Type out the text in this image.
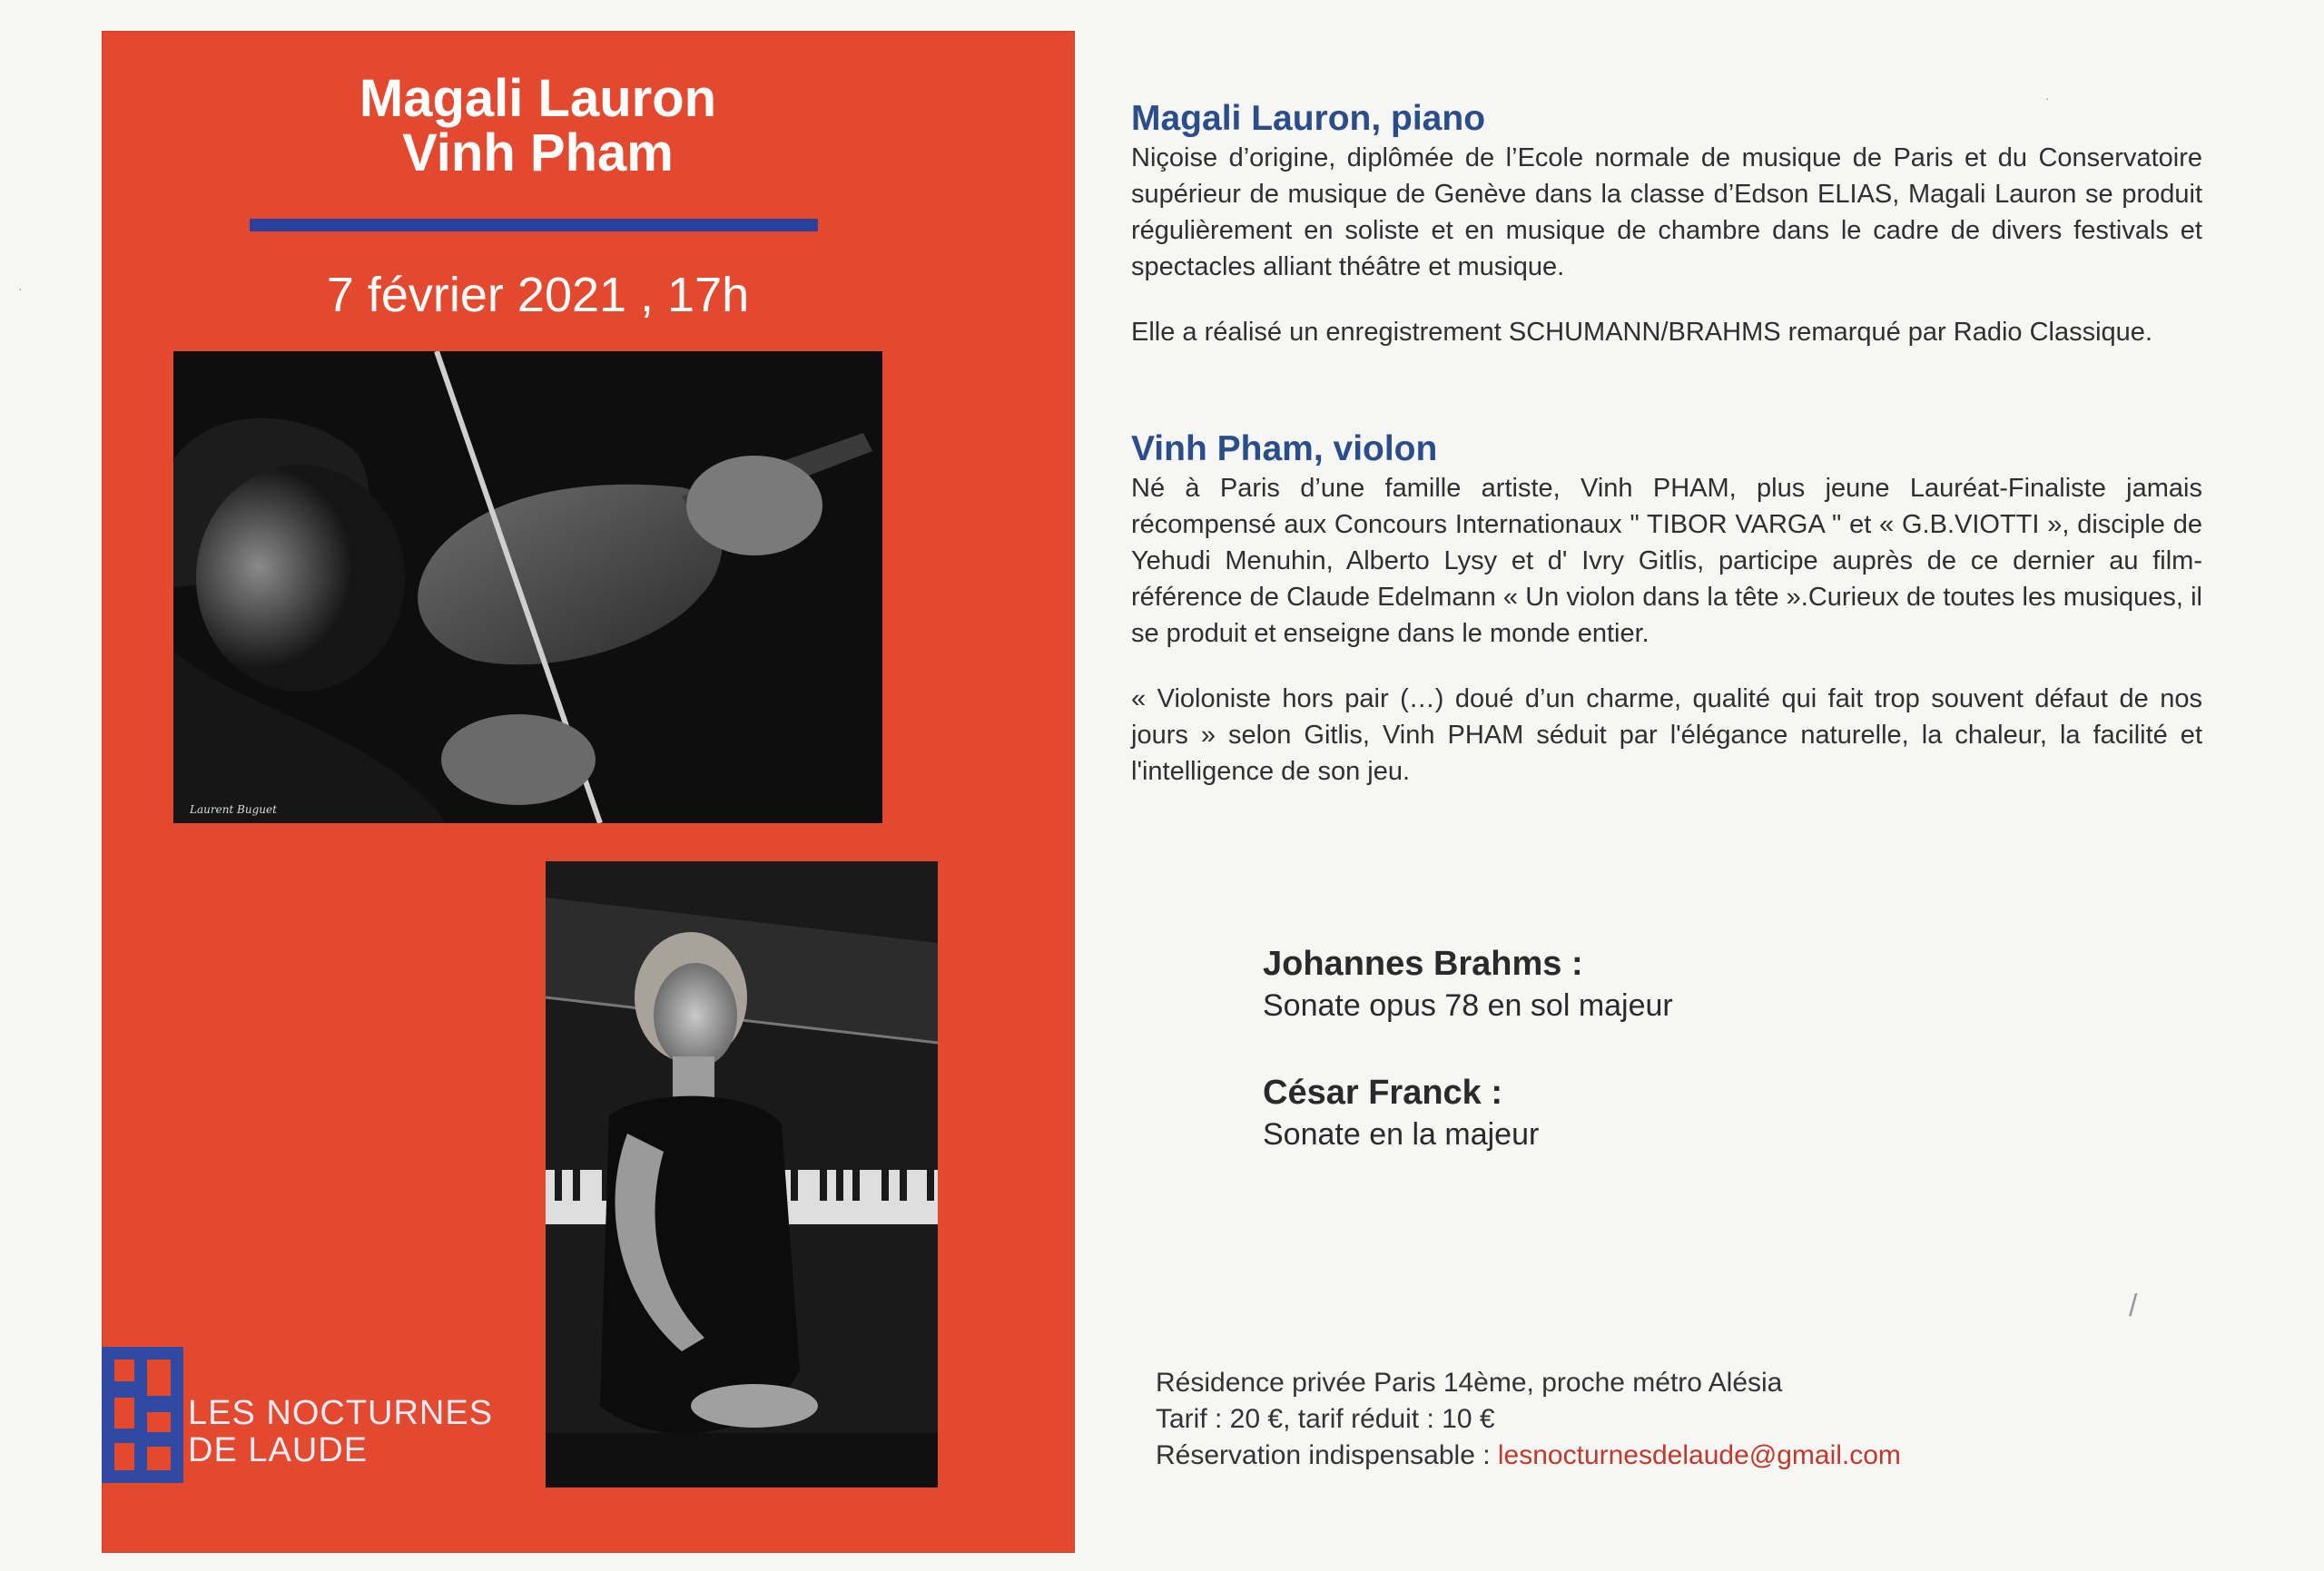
Magali Lauron
Vinh Pham
7 février 2021 , 17h
Laurent Buguet
LES NOCTURNES
DE LAUDE
Magali Lauron, piano

Niçoise d’origine, diplômée de l’Ecole normale de musique de Paris et du Conservatoire supérieur de musique de Genève dans la classe d’Edson ELIAS, Magali Lauron se produit régulièrement en soliste et en musique de chambre dans le cadre de divers festivals et spectacles alliant théâtre et musique.

Elle a réalisé un enregistrement SCHUMANN/BRAHMS remarqué par Radio Classique.

Vinh Pham, violon

Né à Paris d’une famille artiste, Vinh PHAM, plus jeune Lauréat-Finaliste jamais récompensé aux Concours Internationaux " TIBOR VARGA " et « G.B.VIOTTI », disciple de Yehudi Menuhin, Alberto Lysy et d' Ivry Gitlis, participe auprès de ce dernier au film-référence de Claude Edelmann « Un violon dans la tête ».Curieux de toutes les musiques, il se produit et enseigne dans le monde entier.

« Violoniste hors pair (…) doué d’un charme, qualité qui fait trop souvent défaut de nos jours » selon Gitlis, Vinh PHAM séduit par l'élégance naturelle, la chaleur, la facilité et l'intelligence de son jeu.

Johannes Brahms :
Sonate opus 78 en sol majeur
César Franck :
Sonate en la majeur
Résidence privée Paris 14ème, proche métro Alésia
Tarif : 20 €, tarif réduit : 10 €
Réservation indispensable : lesnocturnesdelaude@gmail.com
·
·
/
